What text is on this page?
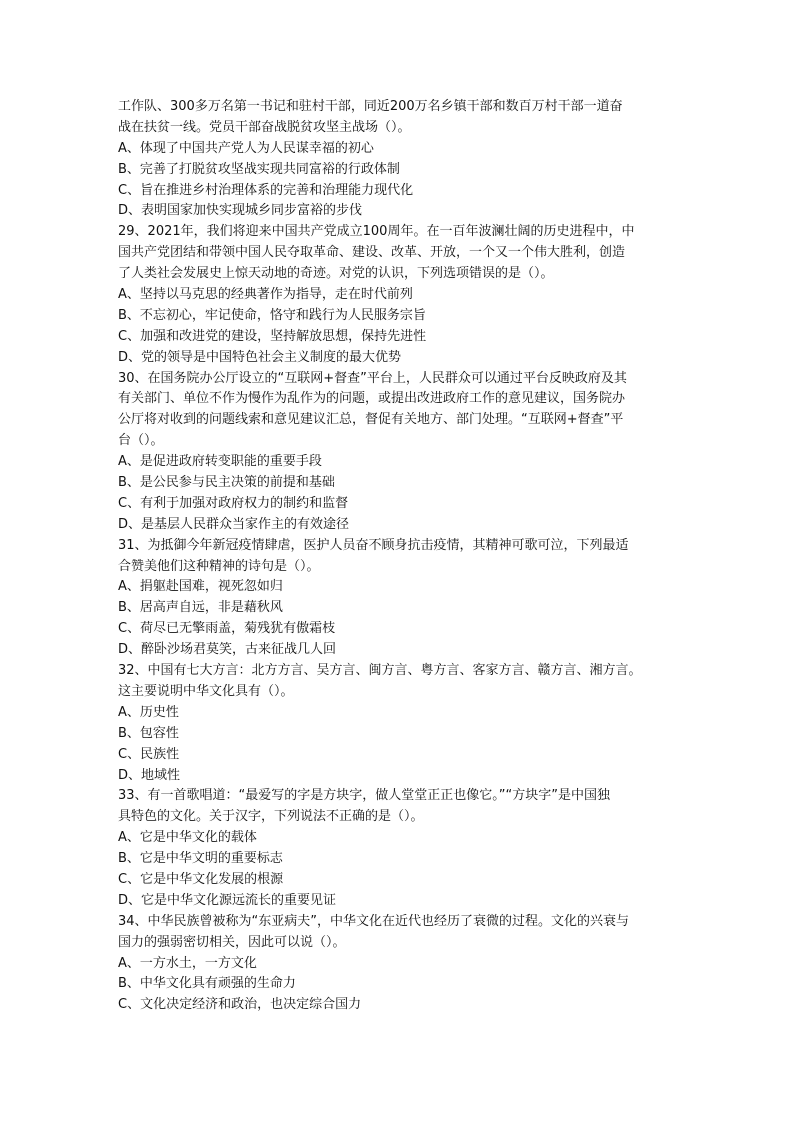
工作队、300多万名第一书记和驻村干部，同近200万名乡镇干部和数百万村干部一道奋
战在扶贫一线。党员干部奋战脱贫攻坚主战场（）。
A、体现了中国共产党人为人民谋幸福的初心
B、完善了打脱贫攻坚战实现共同富裕的行政体制
C、旨在推进乡村治理体系的完善和治理能力现代化
D、表明国家加快实现城乡同步富裕的步伐
29、2021年，我们将迎来中国共产党成立100周年。在一百年波澜壮阔的历史进程中，中
国共产党团结和带领中国人民夺取革命、建设、改革、开放，一个又一个伟大胜利，创造
了人类社会发展史上惊天动地的奇迹。对党的认识，下列选项错误的是（）。
A、坚持以马克思的经典著作为指导，走在时代前列
B、不忘初心，牢记使命，恪守和践行为人民服务宗旨
C、加强和改进党的建设，坚持解放思想，保持先进性
D、党的领导是中国特色社会主义制度的最大优势
30、在国务院办公厅设立的“互联网+督查”平台上，人民群众可以通过平台反映政府及其
有关部门、单位不作为慢作为乱作为的问题，或提出改进政府工作的意见建议，国务院办
公厅将对收到的问题线索和意见建议汇总，督促有关地方、部门处理。“互联网+督查”平
台（）。
A、是促进政府转变职能的重要手段
B、是公民参与民主决策的前提和基础
C、有利于加强对政府权力的制约和监督
D、是基层人民群众当家作主的有效途径
31、为抵御今年新冠疫情肆虐，医护人员奋不顾身抗击疫情，其精神可歌可泣，下列最适
合赞美他们这种精神的诗句是（）。
A、捐躯赴国难，视死忽如归
B、居高声自远，非是藉秋风
C、荷尽已无擎雨盖，菊残犹有傲霜枝
D、醉卧沙场君莫笑，古来征战几人回
32、中国有七大方言：北方方言、吴方言、闽方言、粤方言、客家方言、赣方言、湘方言。
这主要说明中华文化具有（）。
A、历史性
B、包容性
C、民族性
D、地域性
33、有一首歌唱道：“最爱写的字是方块字，做人堂堂正正也像它。”“方块字”是中国独
具特色的文化。关于汉字，下列说法不正确的是（）。
A、它是中华文化的载体
B、它是中华文明的重要标志
C、它是中华文化发展的根源
D、它是中华文化源远流长的重要见证
34、中华民族曾被称为“东亚病夫”，中华文化在近代也经历了衰微的过程。文化的兴衰与
国力的强弱密切相关，因此可以说（）。
A、一方水土，一方文化
B、中华文化具有顽强的生命力
C、文化决定经济和政治，也决定综合国力
